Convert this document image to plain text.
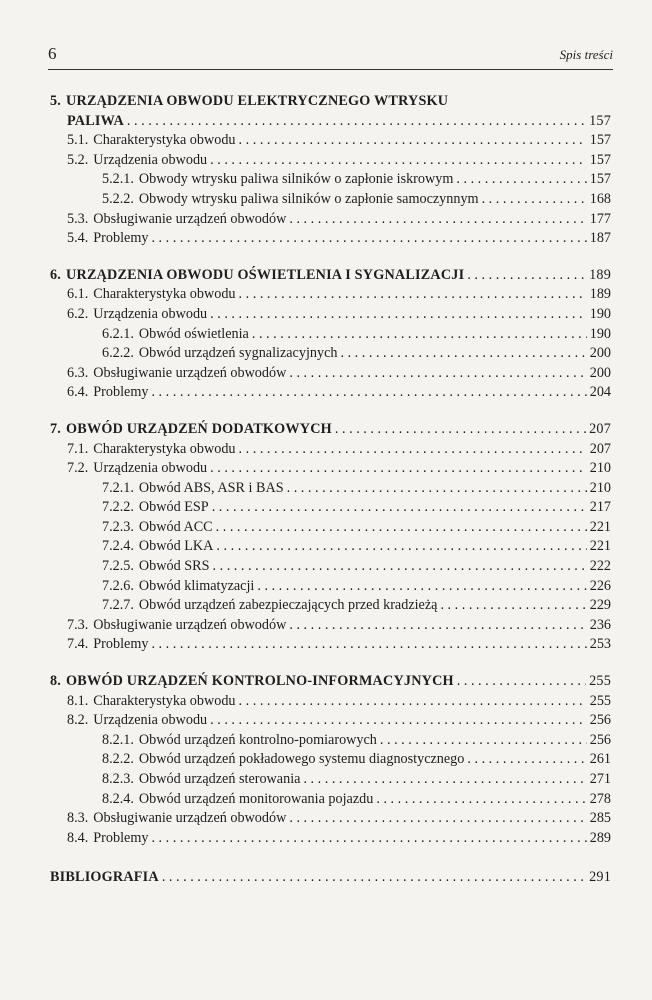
6	Spis treści
5. URZĄDZENIA OBWODU ELEKTRYCZNEGO WTRYSKU
PALIWA . . .	157
5.1. Charakterystyka obwodu . . .	157
5.2. Urządzenia obwodu . . .	157
5.2.1. Obwody wtrysku paliwa silników o zapłonie iskrowym . . .	157
5.2.2. Obwody wtrysku paliwa silników o zapłonie samoczynnym . . .	168
5.3. Obsługiwanie urządzeń obwodów . . .	177
5.4. Problemy . . .	187
6. URZĄDZENIA OBWODU OŚWIETLENIA I SYGNALIZACJI . . .	189
6.1. Charakterystyka obwodu . . .	189
6.2. Urządzenia obwodu . . .	190
6.2.1. Obwód oświetlenia . . .	190
6.2.2. Obwód urządzeń sygnalizacyjnych . . .	200
6.3. Obsługiwanie urządzeń obwodów . . .	200
6.4. Problemy . . .	204
7. OBWÓD URZĄDZEŃ DODATKOWYCH . . .	207
7.1. Charakterystyka obwodu . . .	207
7.2. Urządzenia obwodu . . .	210
7.2.1. Obwód ABS, ASR i BAS . . .	210
7.2.2. Obwód ESP . . .	217
7.2.3. Obwód ACC . . .	221
7.2.4. Obwód LKA . . .	221
7.2.5. Obwód SRS . . .	222
7.2.6. Obwód klimatyzacji . . .	226
7.2.7. Obwód urządzeń zabezpieczających przed kradzieżą . . .	229
7.3. Obsługiwanie urządzeń obwodów . . .	236
7.4. Problemy . . .	253
8. OBWÓD URZĄDZEŃ KONTROLNO-INFORMACYJNYCH . . .	255
8.1. Charakterystyka obwodu . . .	255
8.2. Urządzenia obwodu . . .	256
8.2.1. Obwód urządzeń kontrolno-pomiarowych . . .	256
8.2.2. Obwód urządzeń pokładowego systemu diagnostycznego . . .	261
8.2.3. Obwód urządzeń sterowania . . .	271
8.2.4. Obwód urządzeń monitorowania pojazdu . . .	278
8.3. Obsługiwanie urządzeń obwodów . . .	285
8.4. Problemy . . .	289
BIBLIOGRAFIA . . .	291
